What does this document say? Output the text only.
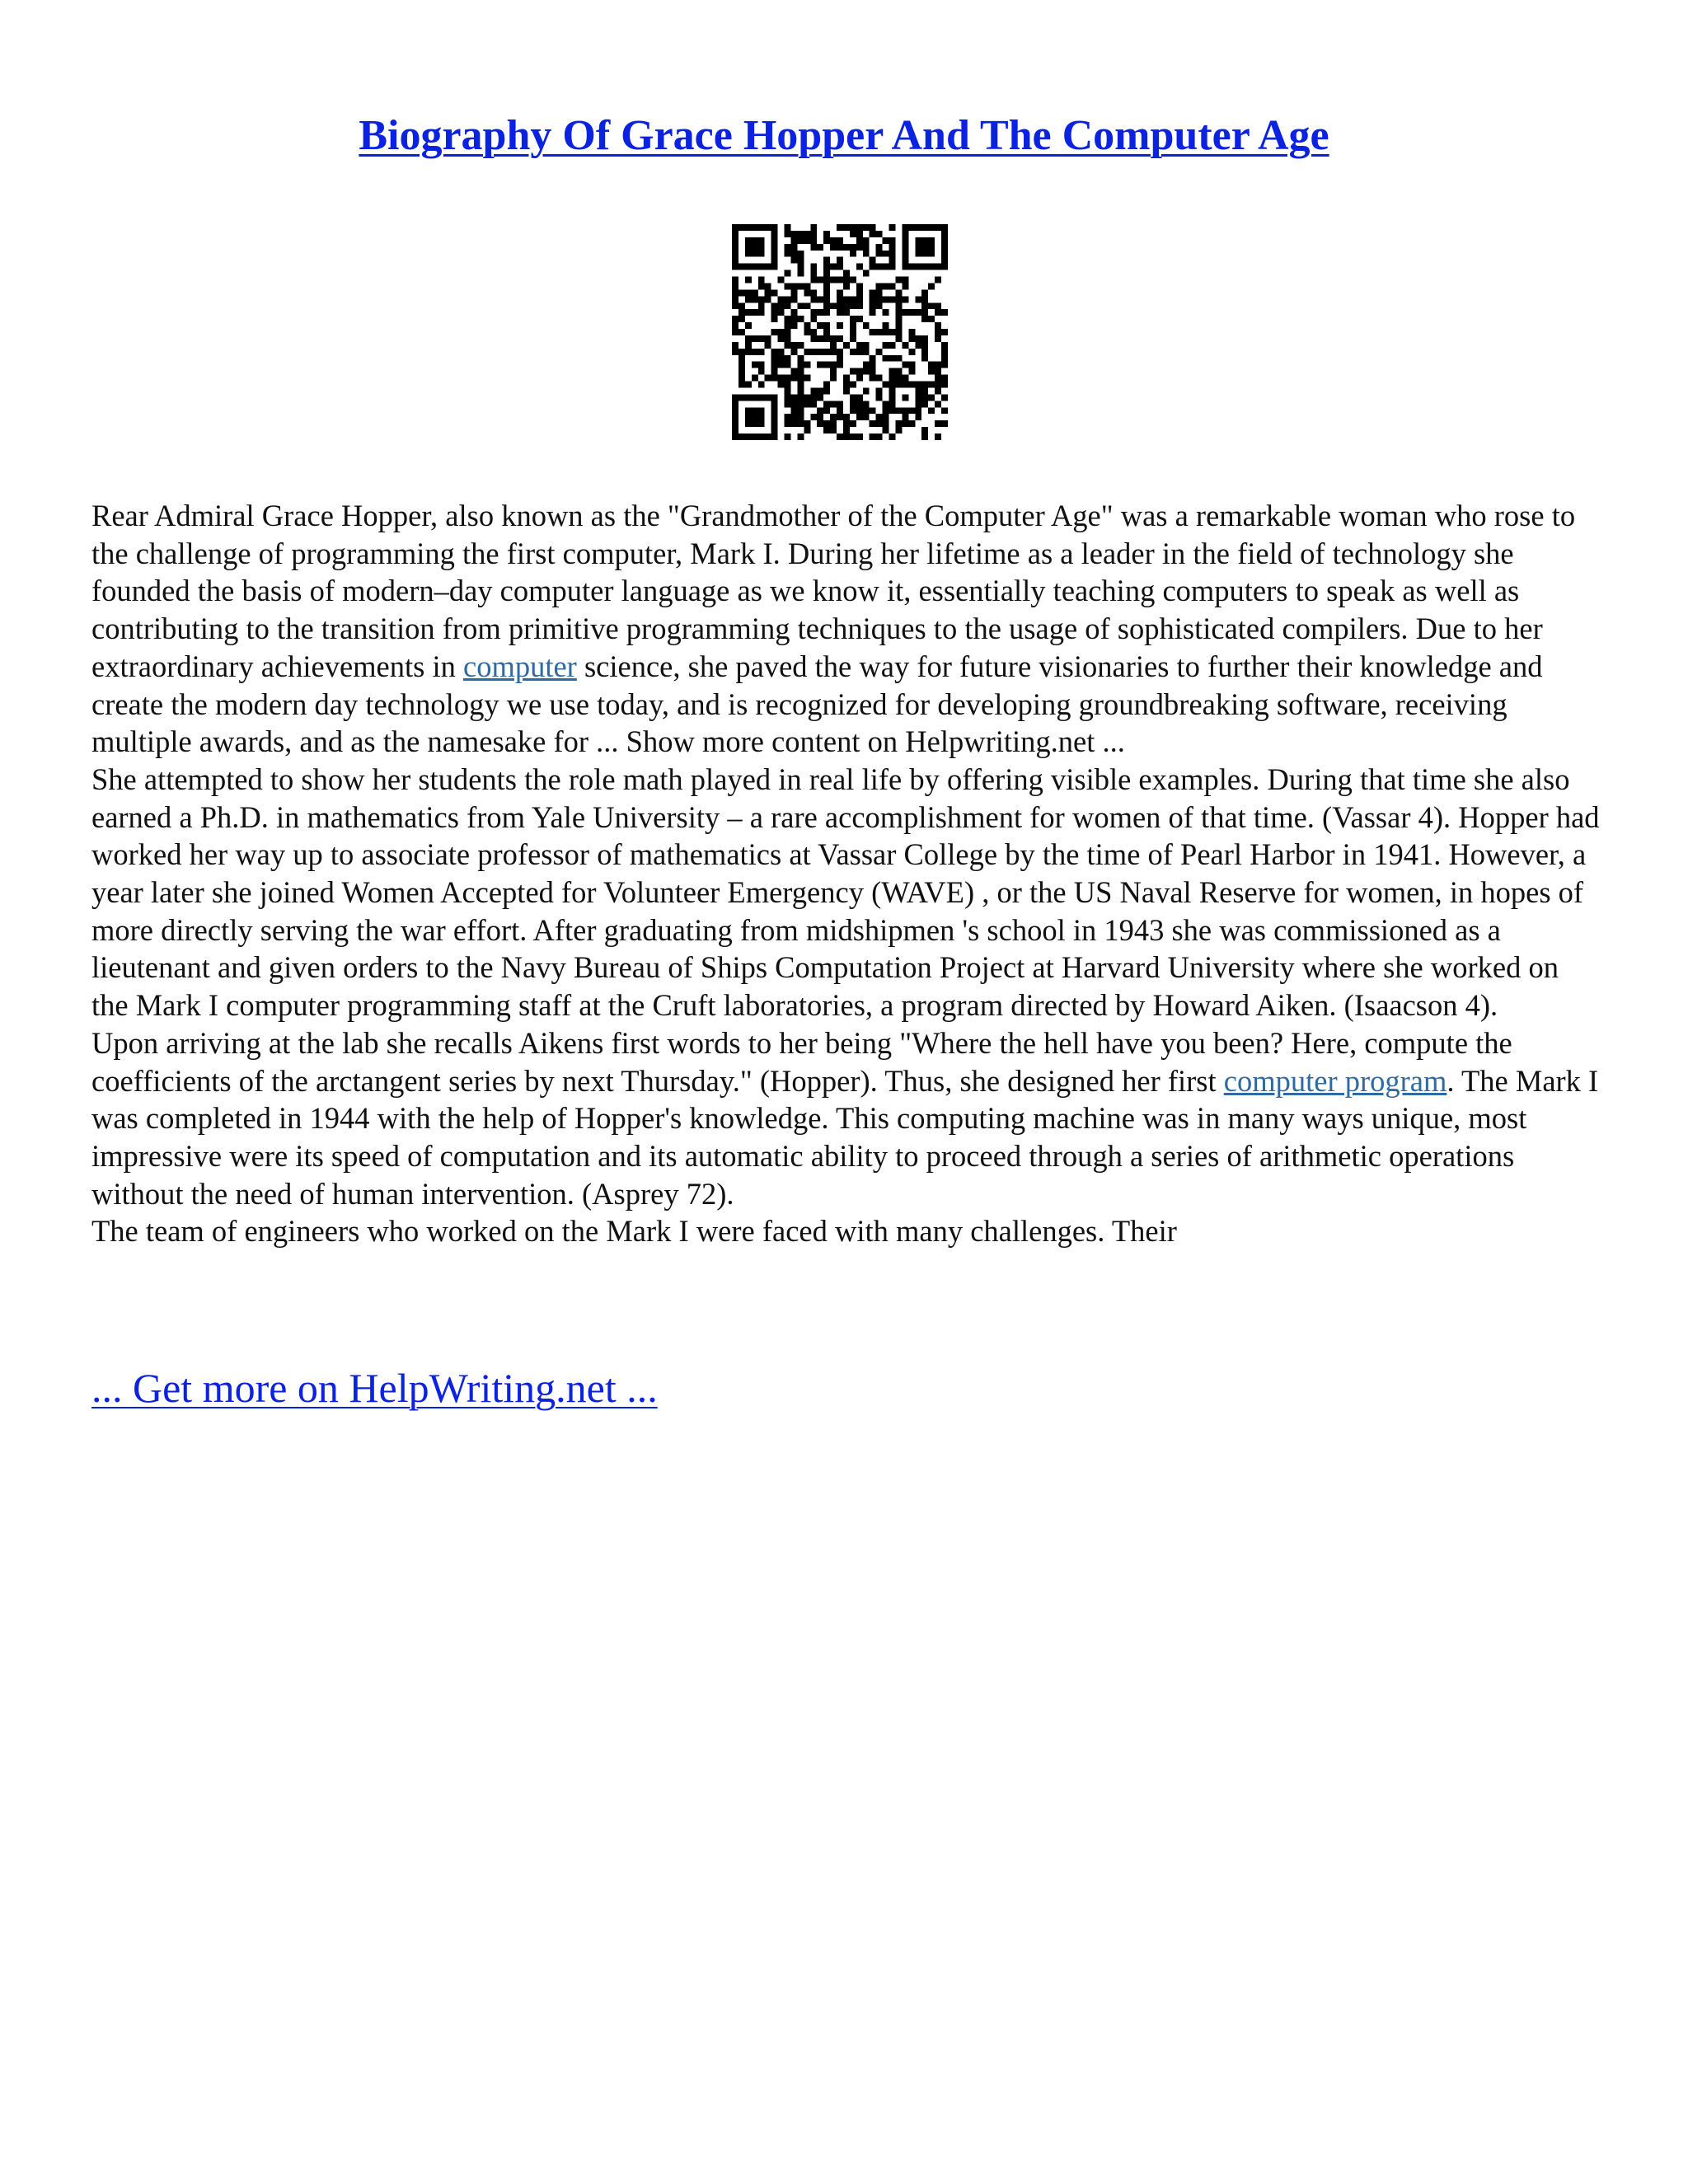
Biography Of Grace Hopper And The Computer Age

Rear Admiral Grace Hopper, also known as the "Grandmother of the Computer Age" was a remarkable woman who rose to the challenge of programming the first computer, Mark I. During her lifetime as a leader in the field of technology she founded the basis of modern–day computer language as we know it, essentially teaching computers to speak as well as contributing to the transition from primitive programming techniques to the usage of sophisticated compilers. Due to her extraordinary achievements in computer science, she paved the way for future visionaries to further their knowledge and create the modern day technology we use today, and is recognized for developing groundbreaking software, receiving multiple awards, and as the namesake for ... Show more content on Helpwriting.net ...

She attempted to show her students the role math played in real life by offering visible examples. During that time she also earned a Ph.D. in mathematics from Yale University – a rare accomplishment for women of that time. (Vassar 4). Hopper had worked her way up to associate professor of mathematics at Vassar College by the time of Pearl Harbor in 1941. However, a year later she joined Women Accepted for Volunteer Emergency (WAVE) , or the US Naval Reserve for women, in hopes of more directly serving the war effort. After graduating from midshipmen 's school in 1943 she was commissioned as a lieutenant and given orders to the Navy Bureau of Ships Computation Project at Harvard University where she worked on the Mark I computer programming staff at the Cruft laboratories, a program directed by Howard Aiken. (Isaacson 4).

Upon arriving at the lab she recalls Aikens first words to her being "Where the hell have you been? Here, compute the coefficients of the arctangent series by next Thursday." (Hopper). Thus, she designed her first computer program. The Mark I was completed in 1944 with the help of Hopper's knowledge. This computing machine was in many ways unique, most impressive were its speed of computation and its automatic ability to proceed through a series of arithmetic operations without the need of human intervention. (Asprey 72).

The team of engineers who worked on the Mark I were faced with many challenges. Their

... Get more on HelpWriting.net ...
